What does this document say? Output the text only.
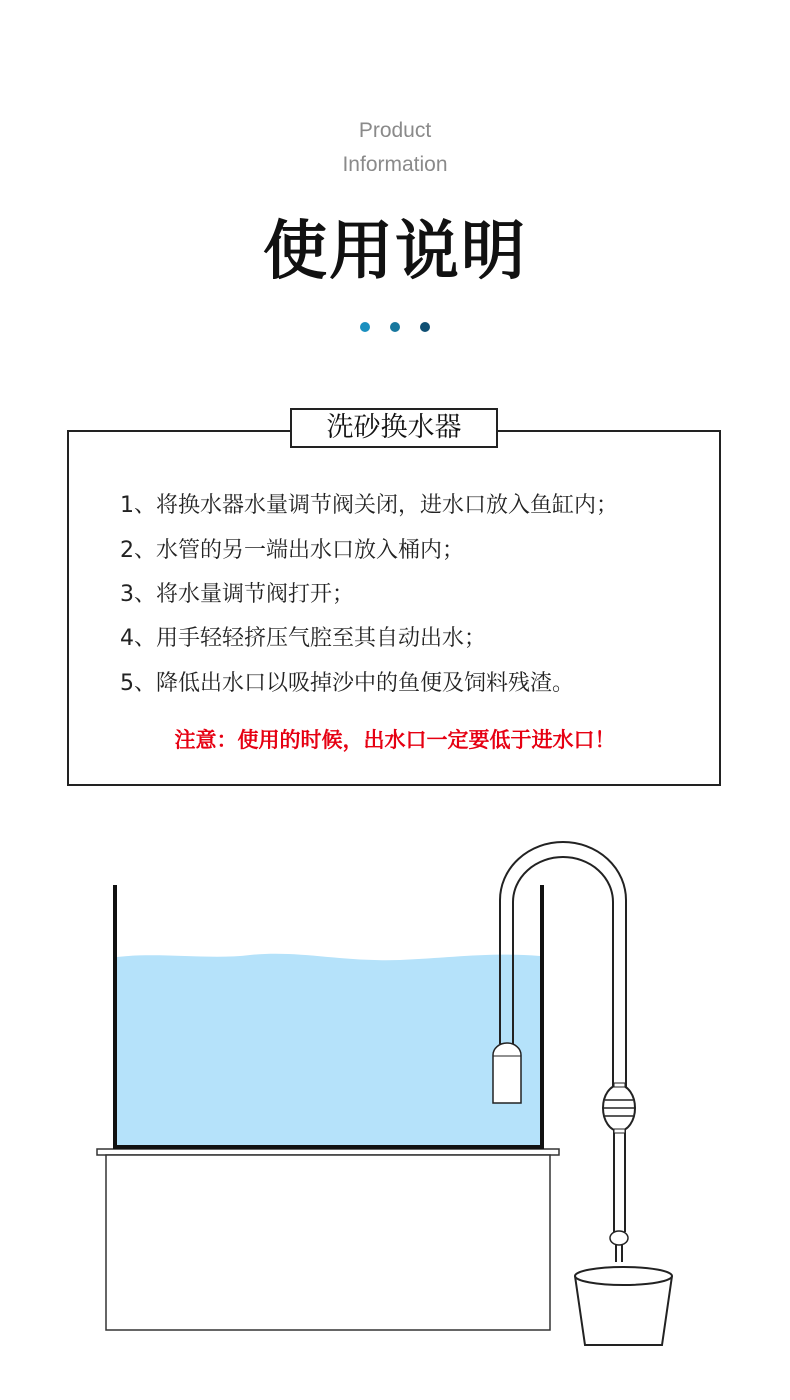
Product
Information
使用说明
洗砂换水器
1、将换水器水量调节阀关闭，进水口放入鱼缸内；
2、水管的另一端出水口放入桶内；
3、将水量调节阀打开；
4、用手轻轻挤压气腔至其自动出水；
5、降低出水口以吸掉沙中的鱼便及饲料残渣。
注意：使用的时候，出水口一定要低于进水口！
